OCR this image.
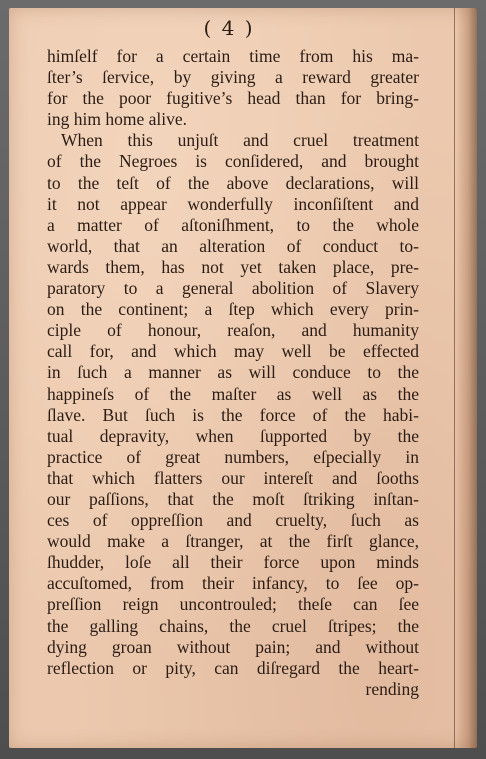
( 4 )
himſelf for a certain time from his ma-
ſter’s ſervice, by giving a reward greater
for the poor fugitive’s head than for bring-
ing him home alive.
When this unjuſt and cruel treatment
of the Negroes is conſidered, and brought
to the teſt of the above declarations, will
it not appear wonderfully inconſiſtent and
a matter of aſtoniſhment, to the whole
world, that an alteration of conduct to-
wards them, has not yet taken place, pre-
paratory to a general abolition of Slavery
on the continent; a ſtep which every prin-
ciple of honour, reaſon, and humanity
call for, and which may well be effected
in ſuch a manner as will conduce to the
happineſs of the maſter as well as the
ſlave. But ſuch is the force of the habi-
tual depravity, when ſupported by the
practice of great numbers, eſpecially in
that which flatters our intereſt and ſooths
our paſſions, that the moſt ſtriking inſtan-
ces of oppreſſion and cruelty, ſuch as
would make a ſtranger, at the firſt glance,
ſhudder, loſe all their force upon minds
accuſtomed, from their infancy, to ſee op-
preſſion reign uncontrouled; theſe can ſee
the galling chains, the cruel ſtripes; the
dying groan without pain; and without
reflection or pity, can diſregard the heart-
rending
